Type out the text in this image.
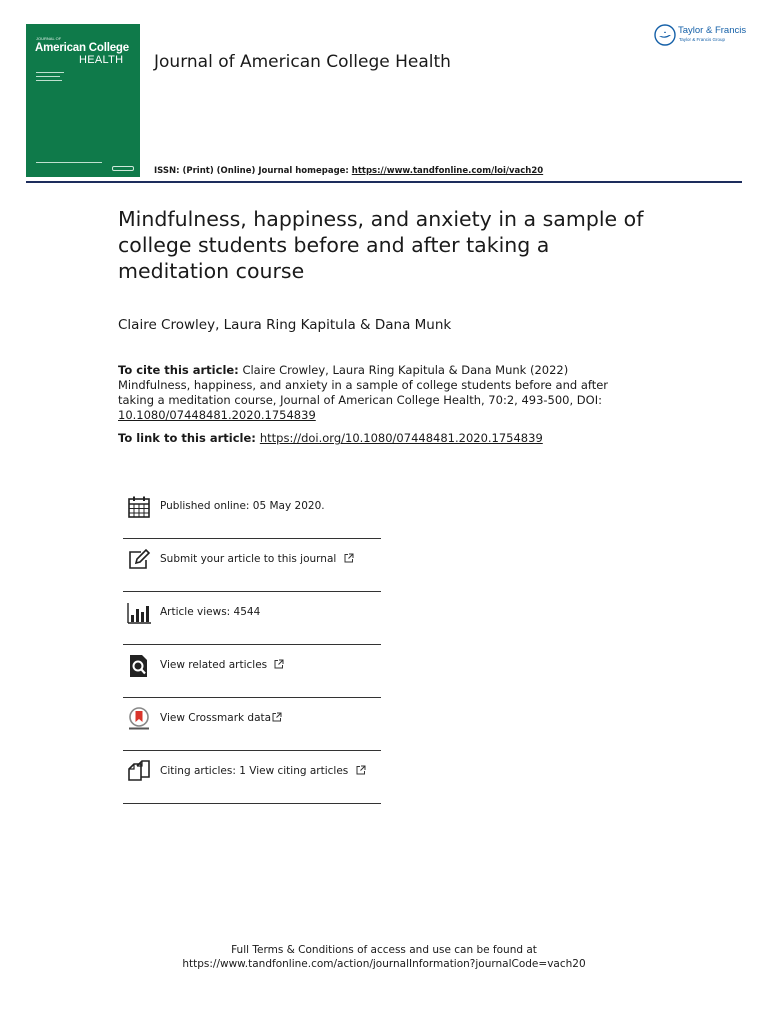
JOURNAL OF
American College
HEALTH Journal of American College Health
Taylor & Francis
Taylor & Francis Group
ISSN: (Print) (Online) Journal homepage: https://www.tandfonline.com/loi/vach20
Mindfulness, happiness, and anxiety in a sample of college students before and after taking a meditation course
Claire Crowley, Laura Ring Kapitula & Dana Munk
To cite this article: Claire Crowley, Laura Ring Kapitula & Dana Munk (2022) Mindfulness, happiness, and anxiety in a sample of college students before and after taking a meditation course, Journal of American College Health, 70:2, 493-500, DOI: 10.1080/07448481.2020.1754839
To link to this article: https://doi.org/10.1080/07448481.2020.1754839
Published online: 05 May 2020.
Submit your article to this journal
Article views: 4544
View related articles
View Crossmark data
Citing articles: 1 View citing articles
Full Terms & Conditions of access and use can be found at
https://www.tandfonline.com/action/journalInformation?journalCode=vach20
